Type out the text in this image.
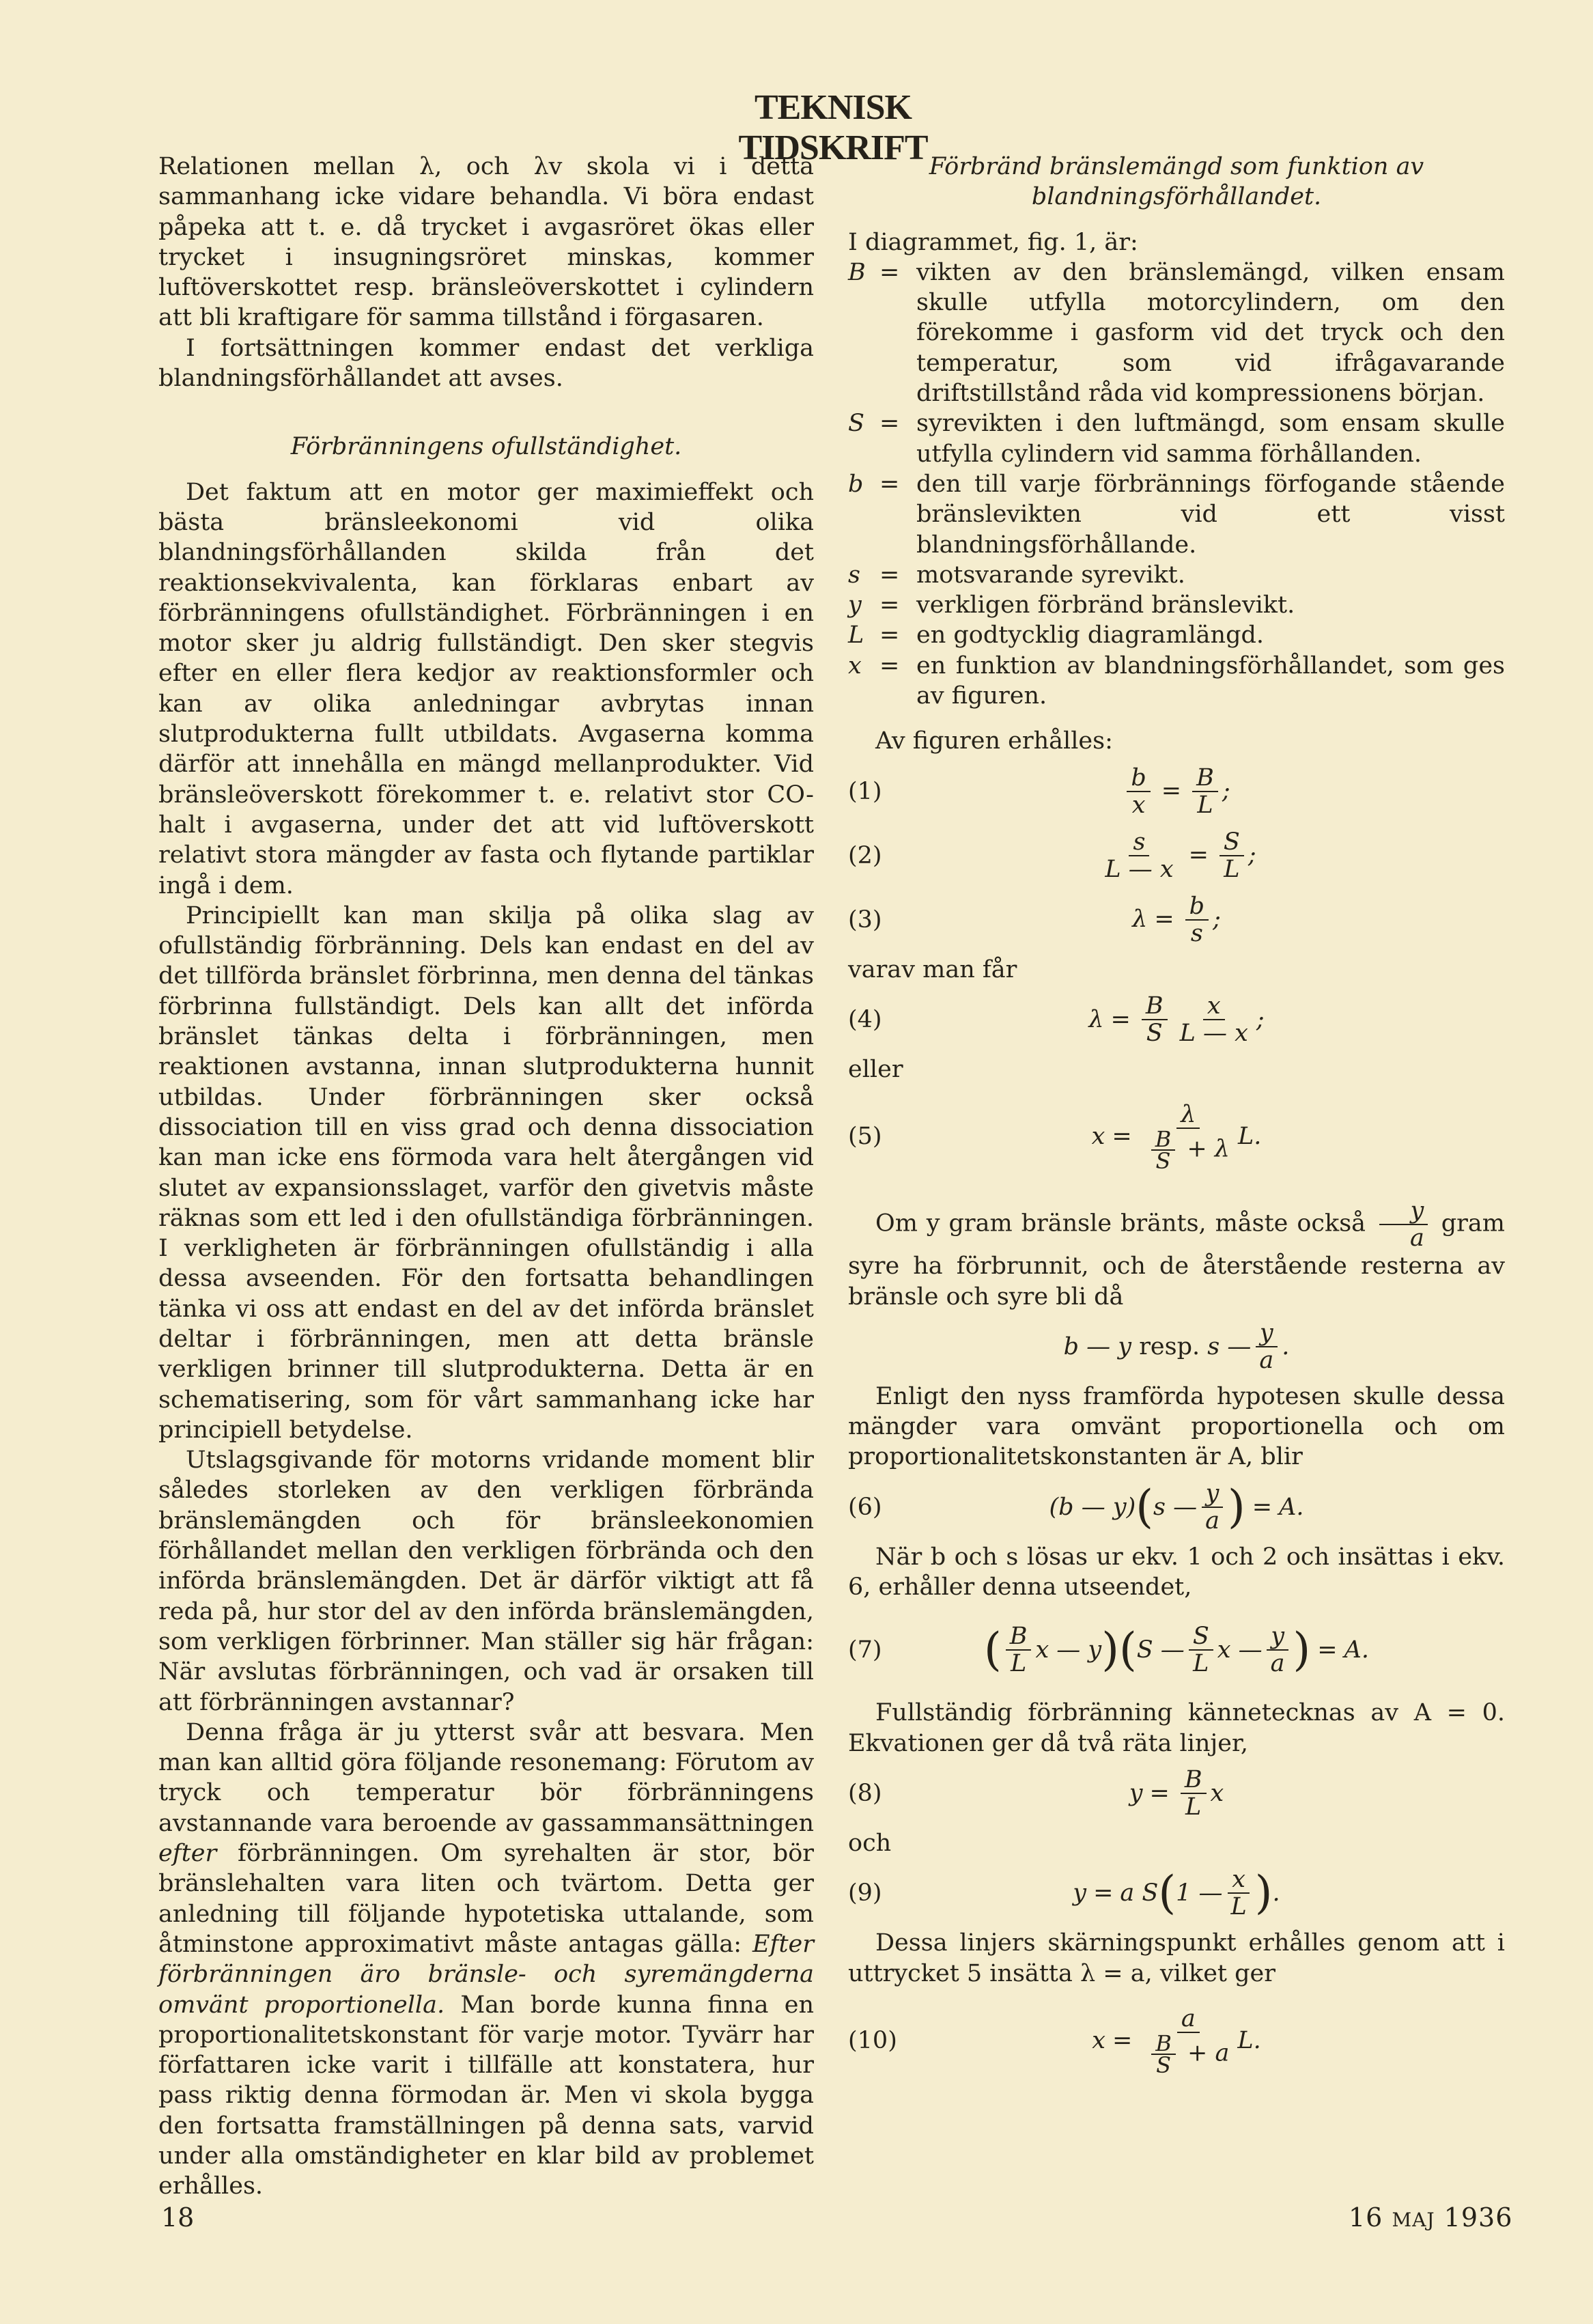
TEKNISK TIDSKRIFT

Relationen mellan λ, och λv skola vi i detta sammanhang icke vidare behandla. Vi böra endast påpeka att t. e. då trycket i avgasröret ökas eller trycket i insugningsröret minskas, kommer luftöverskottet resp. bränsleöverskottet i cylindern att bli kraftigare för samma tillstånd i förgasaren.

I fortsättningen kommer endast det verkliga blandningsförhållandet att avses.

Förbränningens ofullständighet.

Det faktum att en motor ger maximieffekt och bästa bränsleekonomi vid olika blandningsförhållanden skilda från det reaktionsekvivalenta, kan förklaras enbart av förbränningens ofullständighet. Förbränningen i en motor sker ju aldrig fullständigt. Den sker stegvis efter en eller flera kedjor av reaktionsformler och kan av olika anledningar avbrytas innan slutprodukterna fullt utbildats. Avgaserna komma därför att innehålla en mängd mellanprodukter. Vid bränsleöverskott förekommer t. e. relativt stor CO-halt i avgaserna, under det att vid luftöverskott relativt stora mängder av fasta och flytande partiklar ingå i dem.

Principiellt kan man skilja på olika slag av ofullständig förbränning. Dels kan endast en del av det tillförda bränslet förbrinna, men denna del tänkas förbrinna fullständigt. Dels kan allt det införda bränslet tänkas delta i förbränningen, men reaktionen avstanna, innan slutprodukterna hunnit utbildas. Under förbränningen sker också dissociation till en viss grad och denna dissociation kan man icke ens förmoda vara helt återgången vid slutet av expansionsslaget, varför den givetvis måste räknas som ett led i den ofullständiga förbränningen. I verkligheten är förbränningen ofullständig i alla dessa avseenden. För den fortsatta behandlingen tänka vi oss att endast en del av det införda bränslet deltar i förbränningen, men att detta bränsle verkligen brinner till slutprodukterna. Detta är en schematisering, som för vårt sammanhang icke har principiell betydelse.

Utslagsgivande för motorns vridande moment blir således storleken av den verkligen förbrända bränslemängden och för bränsleekonomien förhållandet mellan den verkligen förbrända och den införda bränslemängden. Det är därför viktigt att få reda på, hur stor del av den införda bränslemängden, som verkligen förbrinner. Man ställer sig här frågan: När avslutas förbränningen, och vad är orsaken till att förbränningen avstannar?

Denna fråga är ju ytterst svår att besvara. Men man kan alltid göra följande resonemang: Förutom av tryck och temperatur bör förbränningens avstannande vara beroende av gassammansättningen efter förbränningen. Om syrehalten är stor, bör bränslehalten vara liten och tvärtom. Detta ger anledning till följande hypotetiska uttalande, som åtminstone approximativt måste antagas gälla: Efter förbränningen äro bränsle- och syremängderna omvänt proportionella. Man borde kunna finna en proportionalitetskonstant för varje motor. Tyvärr har författaren icke varit i tillfälle att konstatera, hur pass riktig denna förmodan är. Men vi skola bygga den fortsatta framställningen på denna sats, varvid under alla omständigheter en klar bild av problemet erhålles.

Förbränd bränslemängd som funktion av blandningsförhållandet.

I diagrammet, fig. 1, är:

B = vikten av den bränslemängd, vilken ensam skulle utfylla motorcylindern, om den förekomme i gasform vid det tryck och den temperatur, som vid ifrågavarande driftstillstånd råda vid kompressionens början.
S = syrevikten i den luftmängd, som ensam skulle utfylla cylindern vid samma förhållanden.
b = den till varje förbrännings förfogande stående bränslevikten vid ett visst blandningsförhållande.
s = motsvarande syrevikt.
y = verkligen förbränd bränslevikt.
L = en godtycklig diagramlängd.
x = en funktion av blandningsförhållandet, som ges av figuren.

Av figuren erhålles:

(1)	$\frac{b}{x} = \frac{B}{L}$ ;
(2)	$\frac{s}{L — x} = \frac{S}{L}$ ;
(3)	$\lambda = \frac{b}{s}$ ;

varav man får

(4)	$\lambda = \frac{B}{S} \frac{x}{L — x}$ ;

eller

(5)	$x = \frac{\lambda}{\frac{B}{S} + \lambda} L$.

Om y gram bränsle bränts, måste också $\frac{y}{a}$ gram syre ha förbrunnit, och de återstående resterna av bränsle och syre bli då

b — y resp. s — $\frac{y}{a}$ .

Enligt den nyss framförda hypotesen skulle dessa mängder vara omvänt proportionella och om proportionalitetskonstanten är A, blir

(6)	(b — y) ( s — $\frac{y}{a}$ ) = A.

När b och s lösas ur ekv. 1 och 2 och insättas i ekv. 6, erhåller denna utseendet,

(7) ( $\frac{B}{L}$ x — y ) ( S — $\frac{S}{L}$ x — $\frac{y}{a}$ ) = A.

Fullständig förbränning kännetecknas av A = 0. Ekvationen ger då två räta linjer,

(8)	$y = \frac{B}{L}$ x

och

(9)	y = a S ( 1 — $\frac{x}{L}$ ) .

Dessa linjers skärningspunkt erhålles genom att i uttrycket 5 insätta λ = a, vilket ger

(10)	$x = \frac{a}{\frac{B}{S} + a} L$.
18	16 MAJ 1936
